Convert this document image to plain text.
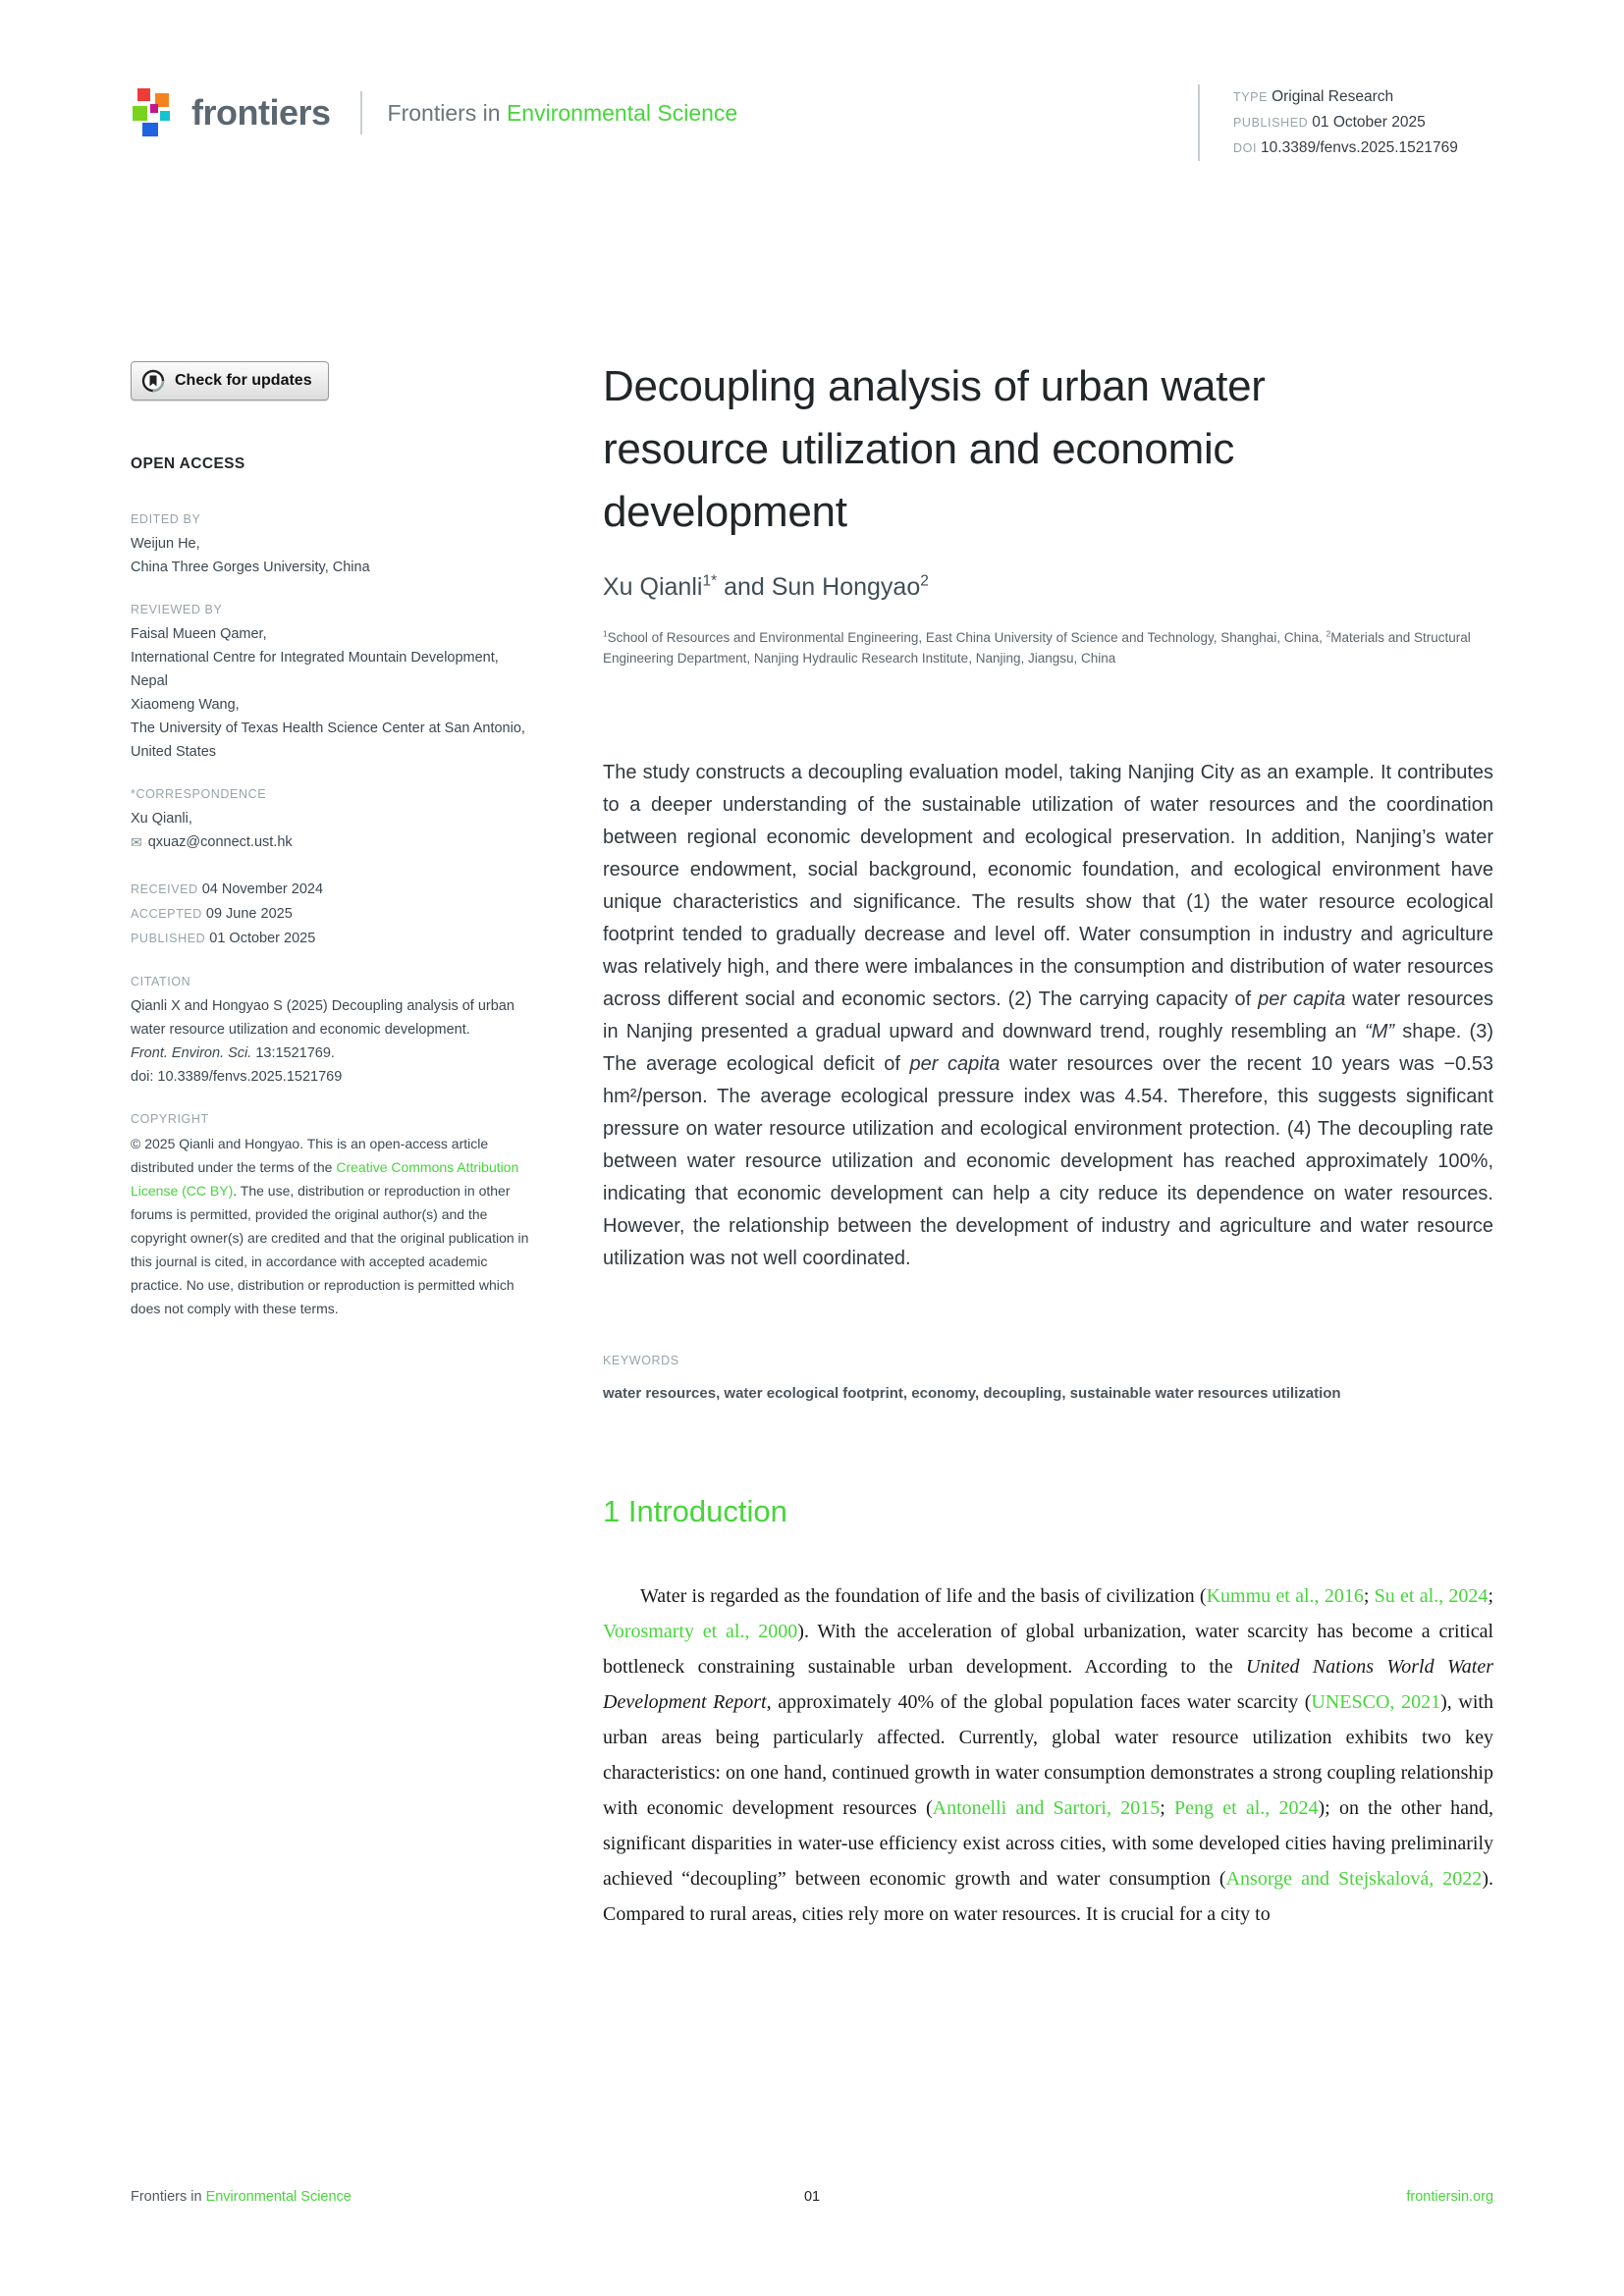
frontiers	Frontiers in Environmental Science
TYPE Original Research
PUBLISHED 01 October 2025
DOI 10.3389/fenvs.2025.1521769
Check for updates
OPEN ACCESS
EDITED BY
Weijun He,
China Three Gorges University, China
REVIEWED BY
Faisal Mueen Qamer,
International Centre for Integrated Mountain Development, Nepal
Xiaomeng Wang,
The University of Texas Health Science Center at San Antonio, United States
*CORRESPONDENCE
Xu Qianli,
✉ qxuaz@connect.ust.hk
RECEIVED 04 November 2024
ACCEPTED 09 June 2025
PUBLISHED 01 October 2025
CITATION
Qianli X and Hongyao S (2025) Decoupling analysis of urban water resource utilization and economic development.
Front. Environ. Sci. 13:1521769.
doi: 10.3389/fenvs.2025.1521769
COPYRIGHT
© 2025 Qianli and Hongyao. This is an open-access article distributed under the terms of the Creative Commons Attribution License (CC BY). The use, distribution or reproduction in other forums is permitted, provided the original author(s) and the copyright owner(s) are credited and that the original publication in this journal is cited, in accordance with accepted academic practice. No use, distribution or reproduction is permitted which does not comply with these terms.
Decoupling analysis of urban water resource utilization and economic development
Xu Qianli$^{1*}$ and Sun Hongyao$^2$
$^1$School of Resources and Environmental Engineering, East China University of Science and Technology, Shanghai, China, $^2$Materials and Structural Engineering Department, Nanjing Hydraulic Research Institute, Nanjing, Jiangsu, China
The study constructs a decoupling evaluation model, taking Nanjing City as an example. It contributes to a deeper understanding of the sustainable utilization of water resources and the coordination between regional economic development and ecological preservation. In addition, Nanjing’s water resource endowment, social background, economic foundation, and ecological environment have unique characteristics and significance. The results show that (1) the water resource ecological footprint tended to gradually decrease and level off. Water consumption in industry and agriculture was relatively high, and there were imbalances in the consumption and distribution of water resources across different social and economic sectors. (2) The carrying capacity of per capita water resources in Nanjing presented a gradual upward and downward trend, roughly resembling an “M” shape. (3) The average ecological deficit of per capita water resources over the recent 10 years was −0.53 hm²/person. The average ecological pressure index was 4.54. Therefore, this suggests significant pressure on water resource utilization and ecological environment protection. (4) The decoupling rate between water resource utilization and economic development has reached approximately 100%, indicating that economic development can help a city reduce its dependence on water resources. However, the relationship between the development of industry and agriculture and water resource utilization was not well coordinated.
KEYWORDS
water resources, water ecological footprint, economy, decoupling, sustainable water resources utilization
1 Introduction
Water is regarded as the foundation of life and the basis of civilization (Kummu et al., 2016; Su et al., 2024; Vorosmarty et al., 2000). With the acceleration of global urbanization, water scarcity has become a critical bottleneck constraining sustainable urban development. According to the United Nations World Water Development Report, approximately 40% of the global population faces water scarcity (UNESCO, 2021), with urban areas being particularly affected. Currently, global water resource utilization exhibits two key characteristics: on one hand, continued growth in water consumption demonstrates a strong coupling relationship with economic development resources (Antonelli and Sartori, 2015; Peng et al., 2024); on the other hand, significant disparities in water-use efficiency exist across cities, with some developed cities having preliminarily achieved “decoupling” between economic growth and water consumption (Ansorge and Stejskalová, 2022). Compared to rural areas, cities rely more on water resources. It is crucial for a city to
Frontiers in Environmental Science	01	frontiersin.org
